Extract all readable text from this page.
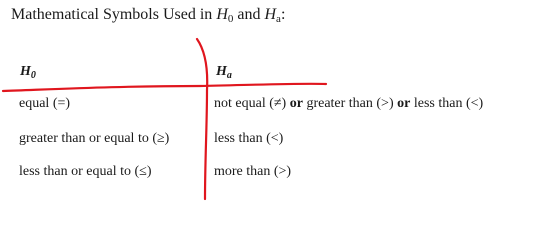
Mathematical Symbols Used in $H_0$ and $H_a$:
$H_0$	$H_a$
equal (=)	not equal (≠) or greater than (>) or less than (<)
greater than or equal to (≥)	less than (<)
less than or equal to (≤)	more than (>)
